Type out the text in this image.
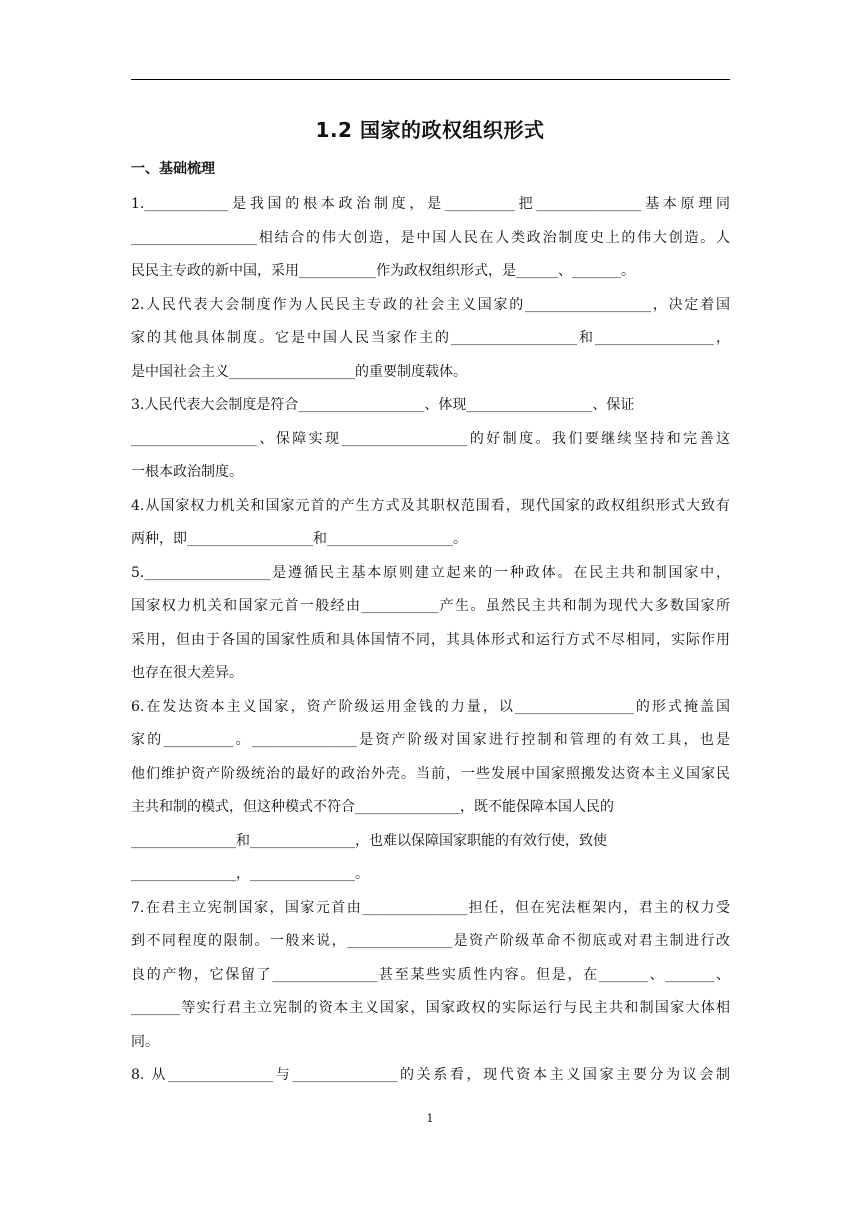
1.2 国家的政权组织形式
一、基础梳理
1.____________是我国的根本政治制度，是__________把_______________基本原理同
__________________相结合的伟大创造，是中国人民在人类政治制度史上的伟大创造。人
民民主专政的新中国，采用___________作为政权组织形式，是______、_______。
2.人民代表大会制度作为人民民主专政的社会主义国家的__________________，决定着国
家的其他具体制度。它是中国人民当家作主的__________________和_________________，
是中国社会主义__________________的重要制度载体。
3.人民代表大会制度是符合__________________、体现__________________、保证
__________________、保障实现__________________的好制度。我们要继续坚持和完善这
一根本政治制度。
4.从国家权力机关和国家元首的产生方式及其职权范围看，现代国家的政权组织形式大致有
两种，即__________________和__________________。
5.__________________是遵循民主基本原则建立起来的一种政体。在民主共和制国家中，
国家权力机关和国家元首一般经由___________产生。虽然民主共和制为现代大多数国家所
采用，但由于各国的国家性质和具体国情不同，其具体形式和运行方式不尽相同，实际作用
也存在很大差异。
6.在发达资本主义国家，资产阶级运用金钱的力量，以_________________的形式掩盖国
家的__________。_______________是资产阶级对国家进行控制和管理的有效工具，也是
他们维护资产阶级统治的最好的政治外壳。当前，一些发展中国家照搬发达资本主义国家民
主共和制的模式，但这种模式不符合_______________，既不能保障本国人民的
_______________和_______________，也难以保障国家职能的有效行使，致使
_______________，_______________。
7.在君主立宪制国家，国家元首由_______________担任，但在宪法框架内，君主的权力受
到不同程度的限制。一般来说，_______________是资产阶级革命不彻底或对君主制进行改
良的产物，它保留了_______________甚至某些实质性内容。但是，在_______、_______、
_______等实行君主立宪制的资本主义国家，国家政权的实际运行与民主共和制国家大体相
同。
8. 从_______________与_______________的关系看，现代资本主义国家主要分为议会制
1
